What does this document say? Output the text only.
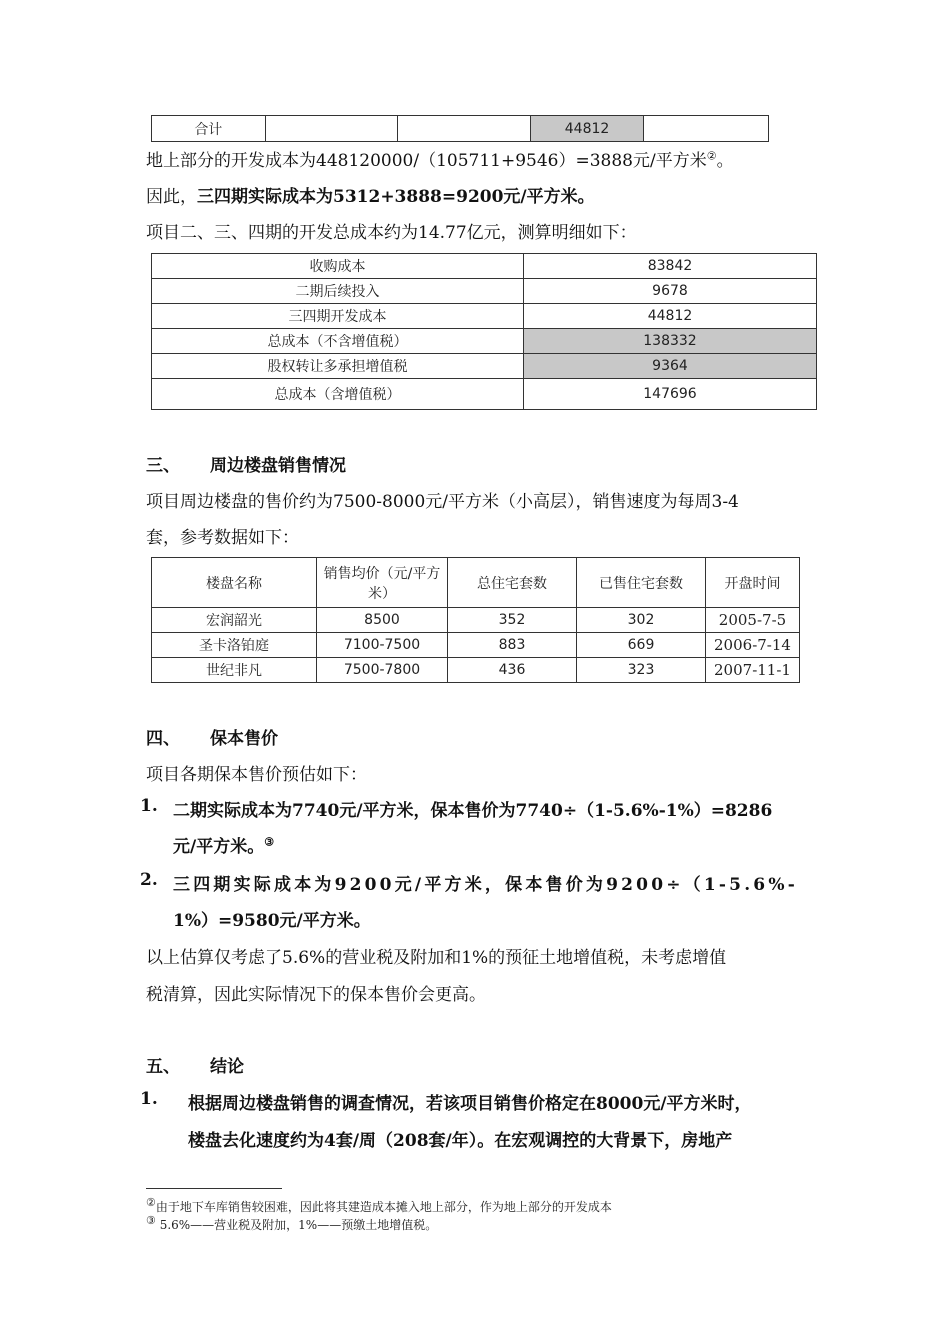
合计			44812	
地上部分的开发成本为448120000/（105711+9546）=3888元/平方米②。
因此，三四期实际成本为5312+3888=9200元/平方米。
项目二、三、四期的开发总成本约为14.77亿元，测算明细如下：
收购成本	83842
二期后续投入	9678
三四期开发成本	44812
总成本（不含增值税）	138332
股权转让多承担增值税	9364
总成本（含增值税）	147696
三、 周边楼盘销售情况
项目周边楼盘的售价约为7500-8000元/平方米（小高层），销售速度为每周3-4
套，参考数据如下：
楼盘名称	销售均价（元/平方米）	总住宅套数	已售住宅套数	开盘时间
宏润韶光	8500	352	302	2005-7-5
圣卡洛铂庭	7100-7500	883	669	2006-7-14
世纪非凡	7500-7800	436	323	2007-11-1
四、 保本售价
项目各期保本售价预估如下：
1. 二期实际成本为7740元/平方米，保本售价为7740÷（1-5.6%-1%）=8286
元/平方米。③
2. 三四期实际成本为9200元/平方米，保本售价为9200÷（1-5.6%-
1%）=9580元/平方米。
以上估算仅考虑了5.6%的营业税及附加和1%的预征土地增值税，未考虑增值
税清算，因此实际情况下的保本售价会更高。
五、 结论
1. 根据周边楼盘销售的调查情况，若该项目销售价格定在8000元/平方米时，
楼盘去化速度约为4套/周（208套/年）。在宏观调控的大背景下，房地产
②由于地下车库销售较困难，因此将其建造成本摊入地上部分，作为地上部分的开发成本
③ 5.6%——营业税及附加，1%——预缴土地增值税。
